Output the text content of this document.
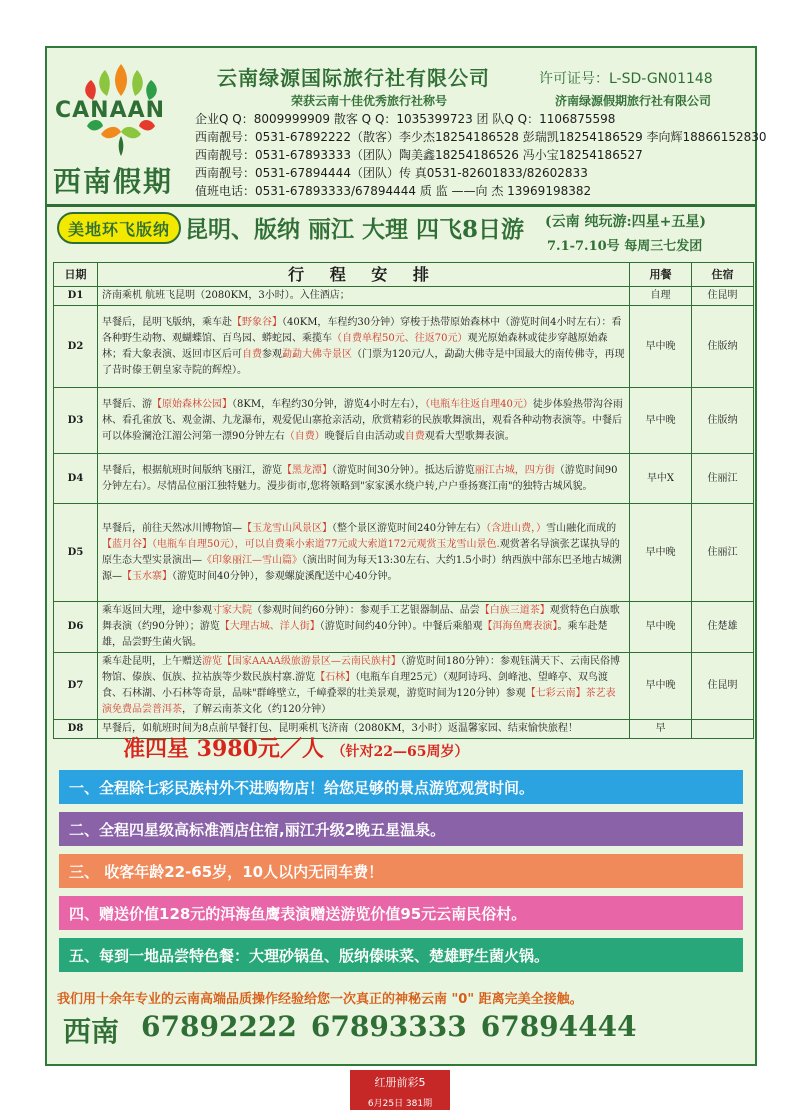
CANAAN
西南假期
云南绿源国际旅行社有限公司	许可证号：L-SD-GN01148
荣获云南十佳优秀旅行社称号	济南绿源假期旅行社有限公司
企业Q Q：8009999909 散客 Q Q：1035399723 团 队Q Q：1106875598
西南靓号：0531-67892222（散客）李少杰18254186528 彭瑞凯18254186529 李向辉18866152830
西南靓号：0531-67893333（团队）陶美鑫18254186526 冯小宝18254186527
西南靓号：0531-67894444（团队）传 真0531-82601833/82602833
值班电话：0531-67893333/67894444 质 监 ——向 杰 13969198382
美地环飞版纳 昆明、版纳 丽江 大理 四飞8日游 (云南 纯玩游:四星+五星)
7.1-7.10号 每周三七发团
日期	行 程 安 排	用餐	住宿
D1	济南乘机 航班飞昆明（2080KM，3小时）。入住酒店；	自理	住昆明
D2	早餐后，昆明飞版纳，乘车赴【野象谷】（40KM，车程约30分钟）穿梭于热带原始森林中（游览时间4小时左右）：看各种野生动物、观蝴蝶馆、百鸟园、蟒蛇园、乘揽车（自费单程50元、往返70元）观光原始森林或徒步穿越原始森林；看大象表演、返回市区后可自费参观勐勐大佛寺景区（门票为120元/人，勐勐大佛寺是中国最大的南传佛寺，再现了昔时傣王朝皇家寺院的辉煌）。	早中晚	住版纳
D3	早餐后、游【原始森林公园】（8KM，车程约30分钟，游览4小时左右），（电瓶车往返自理40元）徒步体验热带沟谷雨林、看孔雀放飞、观金湖、九龙瀑布，观爱伲山寨抢亲活动，欣赏精彩的民族歌舞演出，观看各种动物表演等。中餐后可以体验澜沧江湄公河第一漂90分钟左右（自费）晚餐后自由活动或自费观看大型歌舞表演。	早中晚	住版纳
D4	早餐后，根据航班时间版纳飞丽江，游览【黑龙潭】（游览时间30分钟）。抵达后游览丽江古城，四方街（游览时间90分钟左右）。尽情品位丽江独特魅力。漫步街市,您将领略到"家家溪水绕户转,户户垂扬赛江南"的独特古城风貌。	早中X	住丽江
D5	早餐后，前往天然冰川博物馆—【玉龙雪山风景区】（整个景区游览时间240分钟左右）（含进山费，）雪山融化而成的【蓝月谷】（电瓶车自理50元），可以自费乘小索道77元或大索道172元观赏玉龙雪山景色.观赏著名导演张艺谋执导的原生态大型实景演出—《印象丽江—雪山篇》（演出时间为每天13:30左右、大约1.5小时）纳西族中部东巴圣地古城溯源—【玉水寨】（游览时间40分钟），参观螺旋溪配送中心40分钟。	早中晚	住丽江
D6	乘车返回大理，途中参观寸家大院（参观时间约60分钟）：参观手工艺银器制品、品尝【白族三道茶】观赏特色白族歌舞表演（约90分钟）；游览【大理古城、洋人街】（游览时间约40分钟）。中餐后乘船观【洱海鱼鹰表演】。乘车赴楚雄，品尝野生菌火锅。	早中晚	住楚雄
D7	乘车赴昆明，上午赠送游览【国家AAAA级旅游景区—云南民族村】（游览时间180分钟）：参观钰满天下、云南民俗博物馆、傣族、佤族、拉祜族等少数民族村寨.游览【石林】（电瓶车自理25元）（观阿诗玛、剑峰池、望峰亭、双鸟渡食、石林湖、小石林等奇景，品味"群峰壁立，千嶂叠翠的壮美景观，游览时间为120分钟）参观【七彩云南】茶艺表演免费品尝普洱茶，了解云南茶文化（约120分钟）	早中晚	住昆明
D8	早餐后，如航班时间为8点前早餐打包、昆明乘机飞济南（2080KM，3小时）返温馨家园、结束愉快旅程！	早	
准四星 3980元／人 （针对22—65周岁）
一、全程除七彩民族村外不进购物店！给您足够的景点游览观赏时间。
二、全程四星级高标准酒店住宿,丽江升级2晚五星温泉。
三、 收客年龄22-65岁，10人以内无同车费！
四、赠送价值128元的洱海鱼鹰表演赠送游览价值95元云南民俗村。
五、每到一地品尝特色餐：大理砂锅鱼、版纳傣味菜、楚雄野生菌火锅。
我们用十余年专业的云南高端品质操作经验给您一次真正的神秘云南 "0" 距离完美全接触。
西南 67892222 67893333 67894444
红册前彩5
6月25日 381期
